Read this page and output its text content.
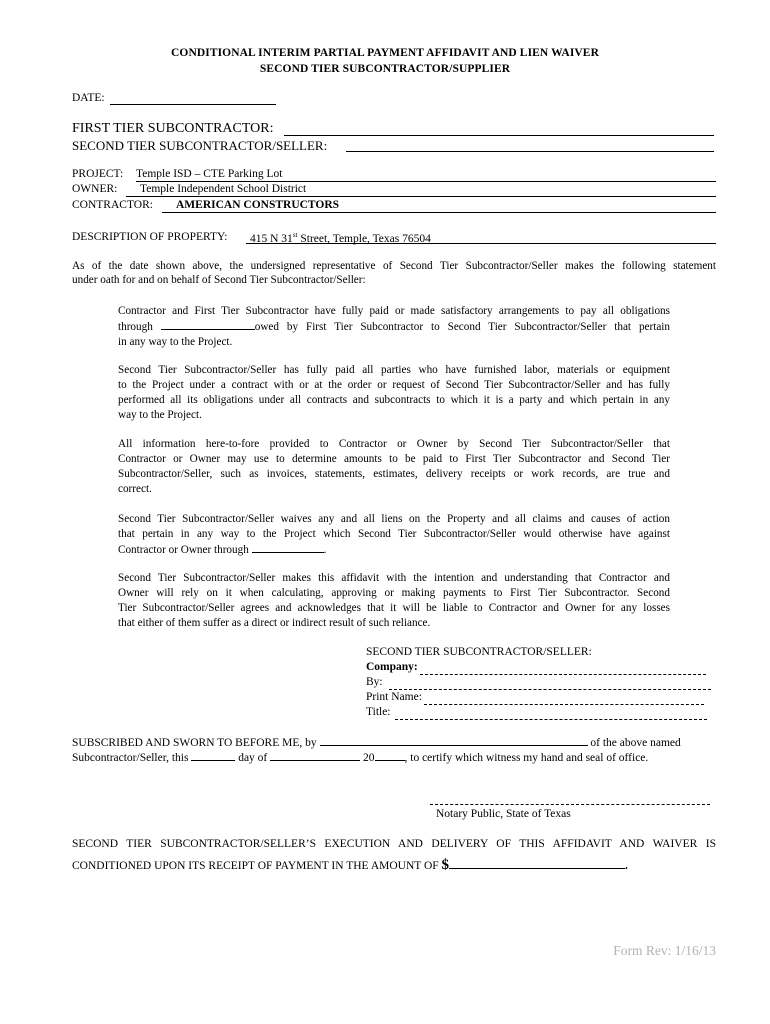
CONDITIONAL INTERIM PARTIAL PAYMENT AFFIDAVIT AND LIEN WAIVER
SECOND TIER SUBCONTRACTOR/SUPPLIER
DATE:
FIRST TIER SUBCONTRACTOR:
SECOND TIER SUBCONTRACTOR/SELLER:
PROJECT: Temple ISD – CTE Parking Lot
OWNER: Temple Independent School District
CONTRACTOR: AMERICAN CONSTRUCTORS
DESCRIPTION OF PROPERTY: 415 N 31st Street, Temple, Texas 76504
As of the date shown above, the undersigned representative of Second Tier Subcontractor/Seller makes the following statement
under oath for and on behalf of Second Tier Subcontractor/Seller:
Contractor and First Tier Subcontractor have fully paid or made satisfactory arrangements to pay all obligations
through	owed by First Tier Subcontractor to Second Tier Subcontractor/Seller that pertain
in any way to the Project.
Second Tier Subcontractor/Seller has fully paid all parties who have furnished labor, materials or equipment
to the Project under a contract with or at the order or request of Second Tier Subcontractor/Seller and has fully
performed all its obligations under all contracts and subcontracts to which it is a party and which pertain in any
way to the Project.
All information here-to-fore provided to Contractor or Owner by Second Tier Subcontractor/Seller that
Contractor or Owner may use to determine amounts to be paid to First Tier Subcontractor and Second Tier
Subcontractor/Seller, such as invoices, statements, estimates, delivery receipts or work records, are true and
correct.
Second Tier Subcontractor/Seller waives any and all liens on the Property and all claims and causes of action
that pertain in any way to the Project which Second Tier Subcontractor/Seller would otherwise have against
Contractor or Owner through	.
Second Tier Subcontractor/Seller makes this affidavit with the intention and understanding that Contractor and
Owner will rely on it when calculating, approving or making payments to First Tier Subcontractor. Second
Tier Subcontractor/Seller agrees and acknowledges that it will be liable to Contractor and Owner for any losses
that either of them suffer as a direct or indirect result of such reliance.
SECOND TIER SUBCONTRACTOR/SELLER:
Company:
By:
Print Name:
Title:
SUBSCRIBED AND SWORN TO BEFORE ME, by	of the above named
Subcontractor/Seller, this	day of	20	, to certify which witness my hand and seal of office.
Notary Public, State of Texas
SECOND TIER SUBCONTRACTOR/SELLER’S EXECUTION AND DELIVERY OF THIS AFFIDAVIT AND WAIVER IS
CONDITIONED UPON ITS RECEIPT OF PAYMENT IN THE AMOUNT OF $	.
Form Rev: 1/16/13
